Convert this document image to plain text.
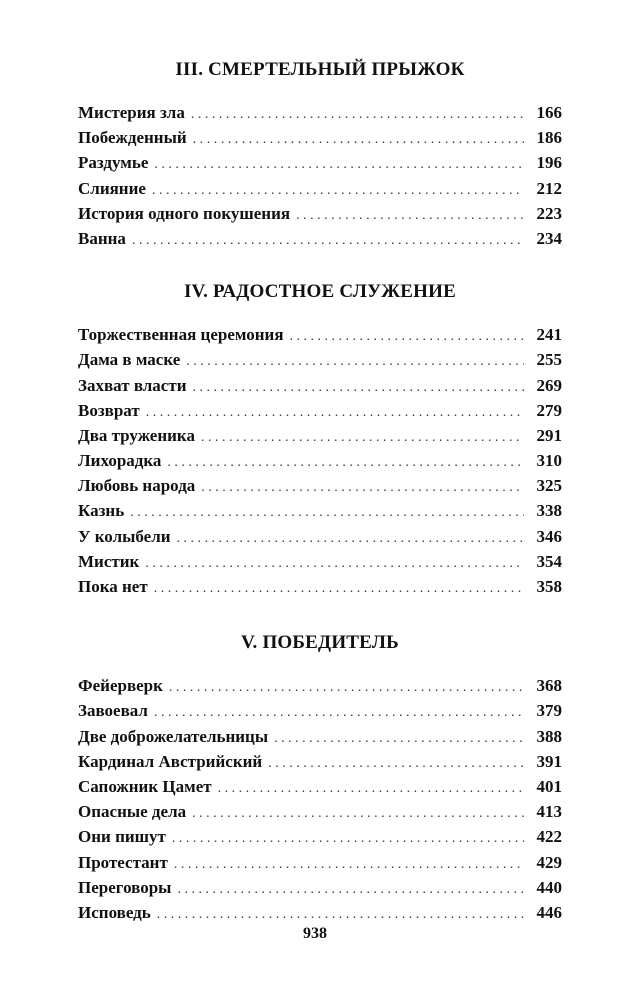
III. СМЕРТЕЛЬНЫЙ ПРЫЖОК
Мистерия зла . . .	166
Побежденный . . .	186
Раздумье . . .	196
Слияние . . .	212
История одного покушения . . .	223
Ванна . . .	234
IV. РАДОСТНОЕ СЛУЖЕНИЕ
Торжественная церемония . . .	241
Дама в маске . . .	255
Захват власти . . .	269
Возврат . . .	279
Два труженика . . .	291
Лихорадка . . .	310
Любовь народа . . .	325
Казнь . . .	338
У колыбели . . .	346
Мистик . . .	354
Пока нет . . .	358
V. ПОБЕДИТЕЛЬ
Фейерверк . . .	368
Завоевал . . .	379
Две доброжелательницы . . .	388
Кардинал Австрийский . . .	391
Сапожник Цамет . . .	401
Опасные дела . . .	413
Они пишут . . .	422
Протестант . . .	429
Переговоры . . .	440
Исповедь . . .	446
938
